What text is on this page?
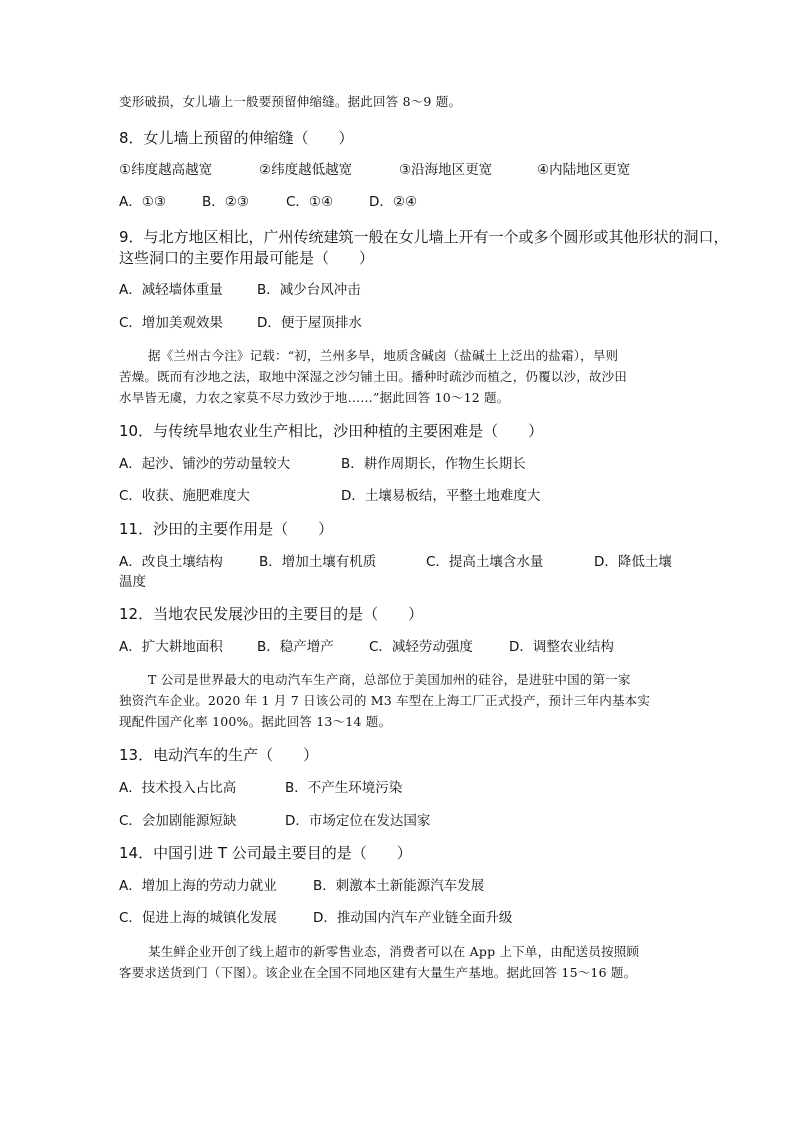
变形破损，女儿墙上一般要预留伸缩缝。据此回答 8～9 题。
8．女儿墙上预留的伸缩缝（　　）
①纬度越高越宽	②纬度越低越宽	③沿海地区更宽	④内陆地区更宽
A．①③	B．②③	C．①④	D．②④
9．与北方地区相比，广州传统建筑一般在女儿墙上开有一个或多个圆形或其他形状的洞口，
这些洞口的主要作用最可能是（　　）
A．减轻墙体重量	B．减少台风冲击
C．增加美观效果	D．便于屋顶排水
据《兰州古今注》记载：“初，兰州多旱，地质含碱卤（盐碱土上泛出的盐霜），旱则
苦燥。既而有沙地之法，取地中深湿之沙匀铺土田。播种时疏沙而植之，仍覆以沙，故沙田
水旱皆无虞，力农之家莫不尽力致沙于地……”据此回答 10～12 题。
10．与传统旱地农业生产相比，沙田种植的主要困难是（　　）
A．起沙、铺沙的劳动量较大	B．耕作周期长，作物生长期长
C．收获、施肥难度大	D．土壤易板结，平整土地难度大
11．沙田的主要作用是（　　）
A．改良土壤结构	B．增加土壤有机质	C．提高土壤含水量	D．降低土壤
温度
12．当地农民发展沙田的主要目的是（　　）
A．扩大耕地面积	B．稳产增产	C．减轻劳动强度	D．调整农业结构
T 公司是世界最大的电动汽车生产商，总部位于美国加州的硅谷，是进驻中国的第一家
独资汽车企业。2020 年 1 月 7 日该公司的 M3 车型在上海工厂正式投产，预计三年内基本实
现配件国产化率 100%。据此回答 13～14 题。
13．电动汽车的生产（　　）
A．技术投入占比高	B．不产生环境污染
C．会加剧能源短缺	D．市场定位在发达国家
14．中国引进 T 公司最主要目的是（　　）
A．增加上海的劳动力就业	B．刺激本土新能源汽车发展
C．促进上海的城镇化发展	D．推动国内汽车产业链全面升级
某生鲜企业开创了线上超市的新零售业态，消费者可以在 App 上下单，由配送员按照顾
客要求送货到门（下图）。该企业在全国不同地区建有大量生产基地。据此回答 15～16 题。
